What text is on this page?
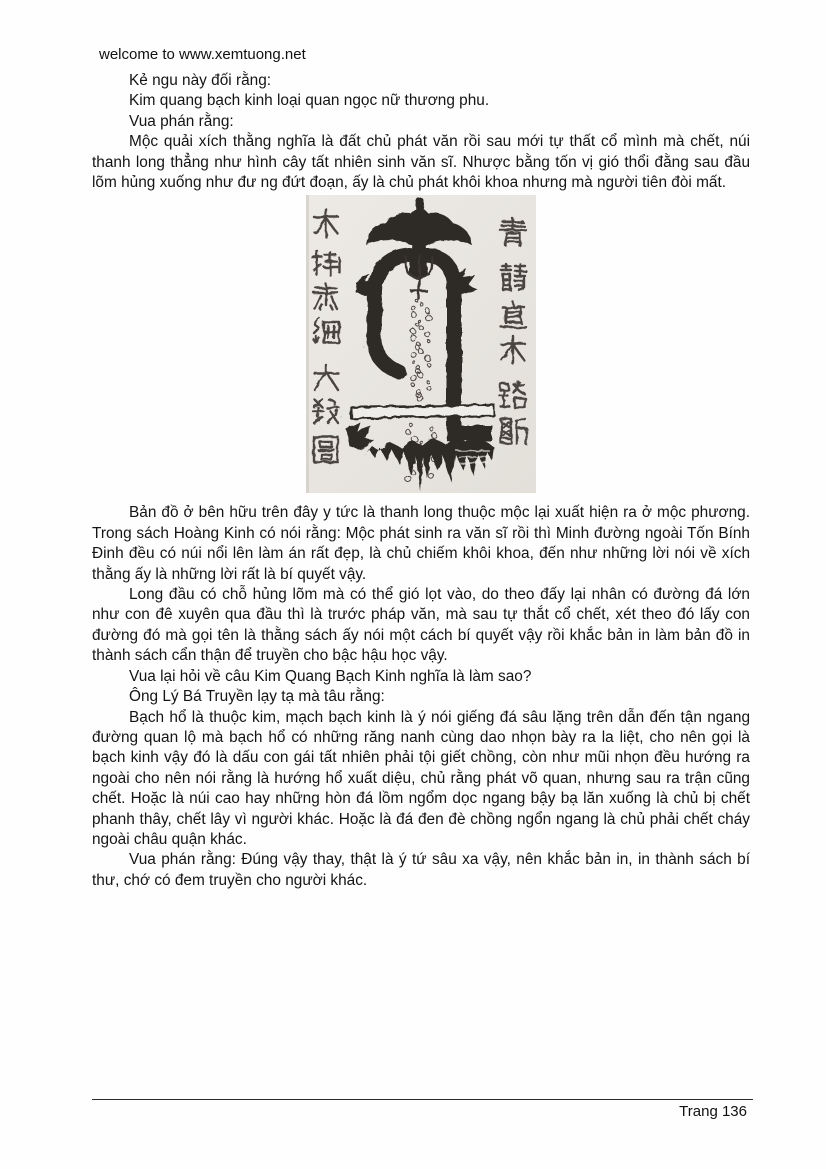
welcome to www.xemtuong.net

Kẻ ngu này đối rằng:

Kim quang bạch kinh loại quan ngọc nữ thương phu.

Vua phán rằng:

Mộc quải xích thằng nghĩa là đất chủ phát văn rồi sau mới tự thất cổ mình mà chết, núi thanh long thẳng như hình cây tất nhiên sinh văn sĩ. Nhược bằng tốn vị gió thổi đằng sau đầu lõm hủng xuống như đư ng đứt đoạn, ấy là chủ phát khôi khoa nhưng mà người tiên đòi mất.

Bản đồ ở bên hữu trên đây y tức là thanh long thuộc mộc lại xuất hiện ra ở mộc phương. Trong sách Hoàng Kinh có nói rằng: Mộc phát sinh ra văn sĩ rồi thì Minh đường ngoài Tốn Bính Đinh đều có núi nổi lên làm án rất đẹp, là chủ chiếm khôi khoa, đến như những lời nói về xích thằng ấy là những lời rất là bí quyết vậy.

Long đầu có chỗ hủng lõm mà có thể gió lọt vào, do theo đấy lại nhân có đường đá lớn như con đê xuyên qua đầu thì là trước pháp văn, mà sau tự thắt cổ chết, xét theo đó lấy con đường đó mà gọi tên là thằng sách ấy nói một cách bí quyết vậy rồi khắc bản in làm bản đồ in thành sách cẩn thận để truyền cho bậc hậu học vậy.

Vua lại hỏi về câu Kim Quang Bạch Kinh nghĩa là làm sao?

Ông Lý Bá Truyền lạy tạ mà tâu rằng:

Bạch hổ là thuộc kim, mạch bạch kinh là ý nói giếng đá sâu lặng trên dẫn đến tận ngang đường quan lộ mà bạch hổ có những răng nanh cùng dao nhọn bày ra la liệt, cho nên gọi là bạch kinh vậy đó là dấu con gái tất nhiên phải tội giết chồng, còn như mũi nhọn đều hướng ra ngoài cho nên nói rằng là hướng hổ xuất diệu, chủ rằng phát võ quan, nhưng sau ra trận cũng chết. Hoặc là núi cao hay những hòn đá lồm ngổm dọc ngang bậy bạ lăn xuống là chủ bị chết phanh thây, chết lây vì người khác. Hoặc là đá đen đè chồng ngổn ngang là chủ phải chết cháy ngoài châu quận khác.

Vua phán rằng: Đúng vậy thay, thật là ý tứ sâu xa vậy, nên khắc bản in, in thành sách bí thư, chớ có đem truyền cho người khác.

Trang 136
